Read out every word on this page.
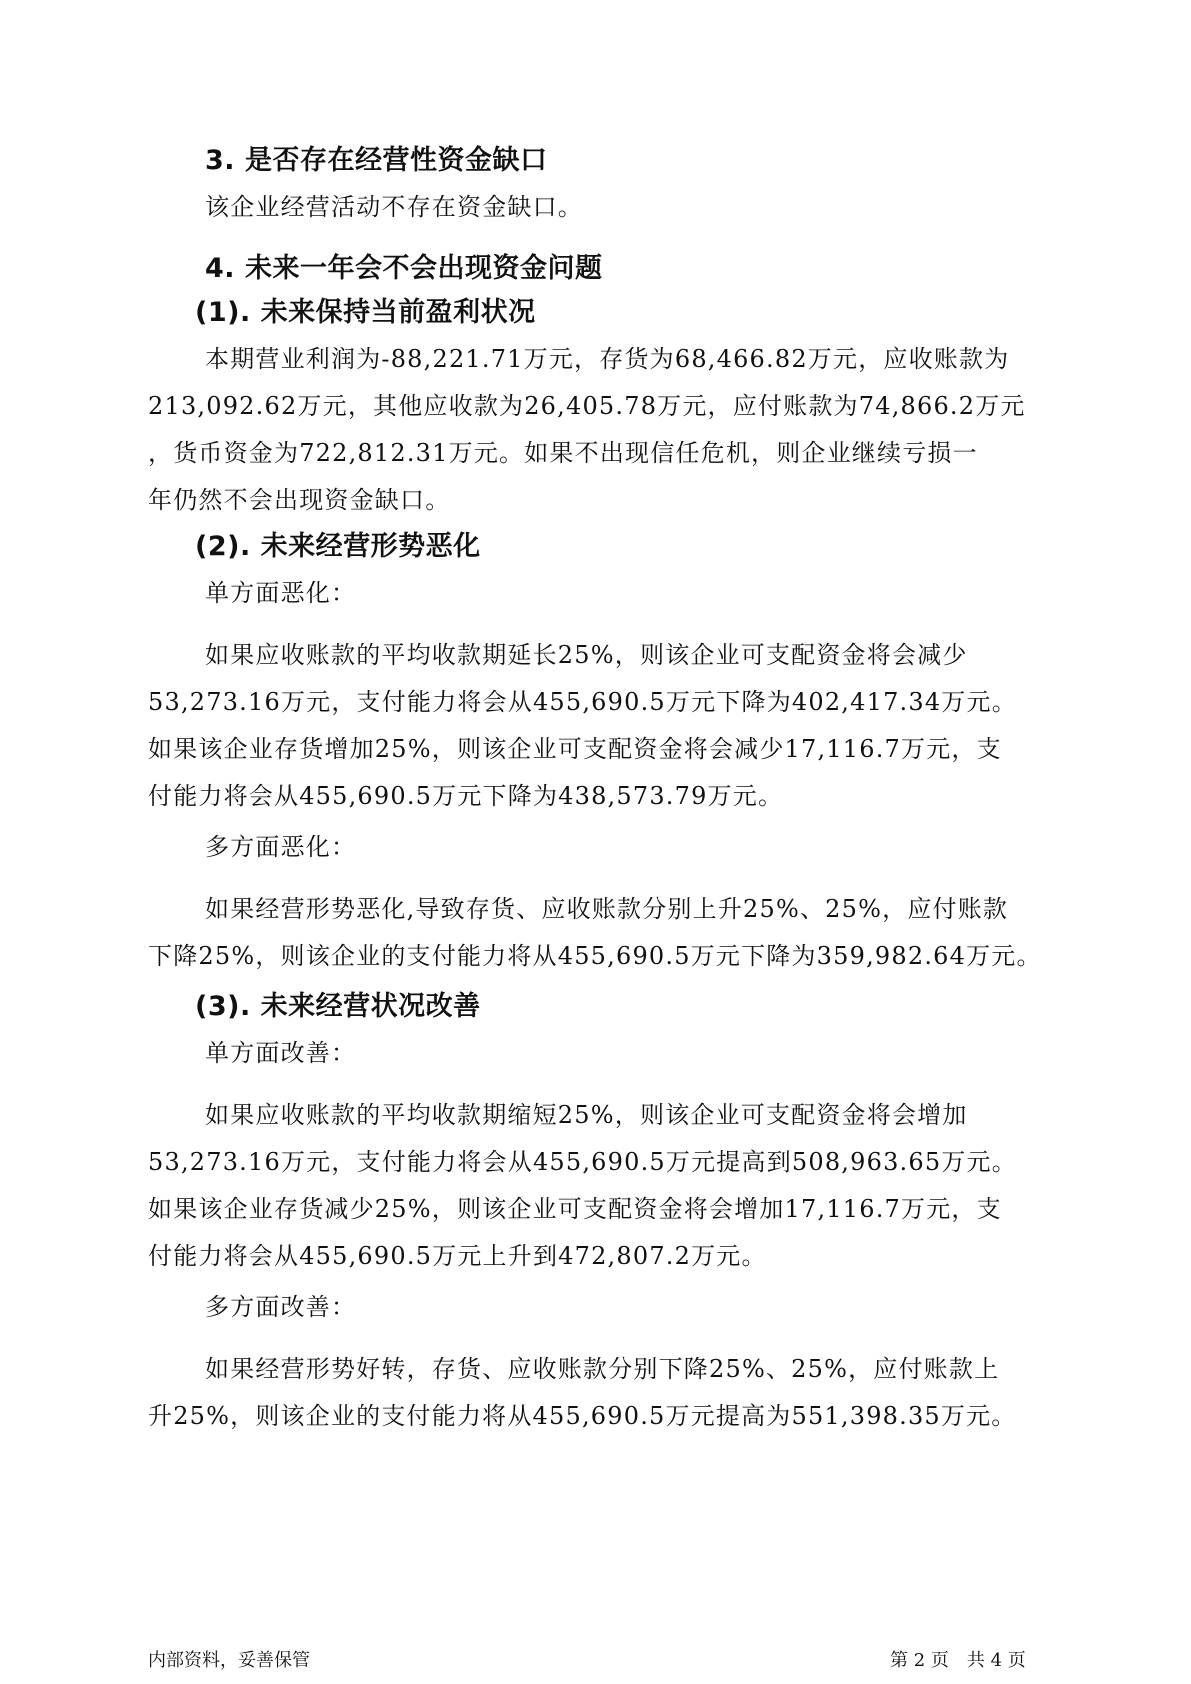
3. 是否存在经营性资金缺口

该企业经营活动不存在资金缺口。

4. 未来一年会不会出现资金问题
(1). 未来保持当前盈利状况

本期营业利润为-88,221.71万元，存货为68,466.82万元，应收账款为
213,092.62万元，其他应收款为26,405.78万元，应付账款为74,866.2万元
，货币资金为722,812.31万元。如果不出现信任危机，则企业继续亏损一
年仍然不会出现资金缺口。

(2). 未来经营形势恶化

单方面恶化：

如果应收账款的平均收款期延长25%，则该企业可支配资金将会减少
53,273.16万元，支付能力将会从455,690.5万元下降为402,417.34万元。
如果该企业存货增加25%，则该企业可支配资金将会减少17,116.7万元，支
付能力将会从455,690.5万元下降为438,573.79万元。

多方面恶化：

如果经营形势恶化,导致存货、应收账款分别上升25%、25%，应付账款
下降25%，则该企业的支付能力将从455,690.5万元下降为359,982.64万元。

(3). 未来经营状况改善

单方面改善：

如果应收账款的平均收款期缩短25%，则该企业可支配资金将会增加
53,273.16万元，支付能力将会从455,690.5万元提高到508,963.65万元。
如果该企业存货减少25%，则该企业可支配资金将会增加17,116.7万元，支
付能力将会从455,690.5万元上升到472,807.2万元。

多方面改善：

如果经营形势好转，存货、应收账款分别下降25%、25%，应付账款上
升25%，则该企业的支付能力将从455,690.5万元提高为551,398.35万元。

内部资料，妥善保管	第 2 页　共 4 页
